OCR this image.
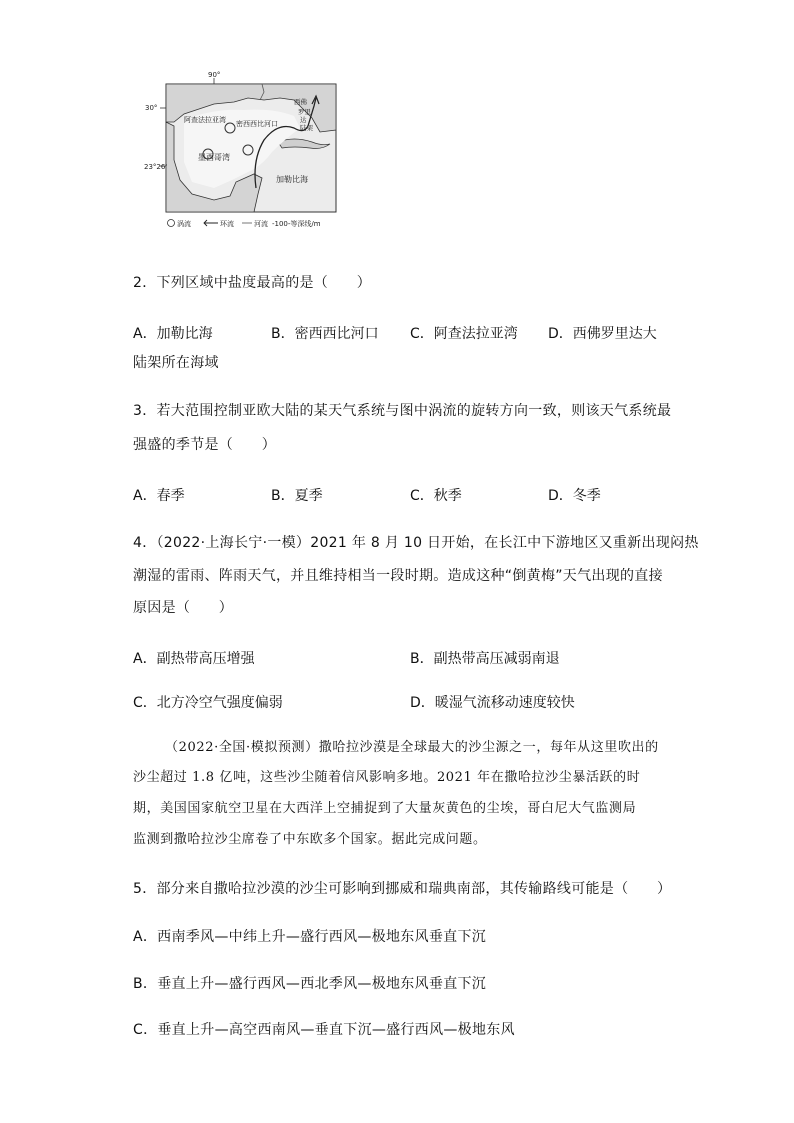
90°
30°
23°26'
阿查法拉亚湾 密西西比河口
墨西哥湾
加勒比海
西佛
罗里
达
陆架
涡流	环流	河流 -100-等深线/m
2．下列区域中盐度最高的是（　　）
A．加勒比海	B．密西西比河口 C．阿查法拉亚湾 D．西佛罗里达大
陆架所在海域
3．若大范围控制亚欧大陆的某天气系统与图中涡流的旋转方向一致，则该天气系统最
强盛的季节是（　　）
A．春季	B．夏季	C．秋季	D．冬季
4．（2022·上海长宁·一模）2021 年 8 月 10 日开始，在长江中下游地区又重新出现闷热
潮湿的雷雨、阵雨天气，并且维持相当一段时期。造成这种“倒黄梅”天气出现的直接
原因是（　　）
A．副热带高压增强	B．副热带高压减弱南退
C．北方冷空气强度偏弱	D．暖湿气流移动速度较快
（2022·全国·模拟预测）撒哈拉沙漠是全球最大的沙尘源之一，每年从这里吹出的
沙尘超过 1.8 亿吨，这些沙尘随着信风影响多地。2021 年在撒哈拉沙尘暴活跃的时
期，美国国家航空卫星在大西洋上空捕捉到了大量灰黄色的尘埃，哥白尼大气监测局
监测到撒哈拉沙尘席卷了中东欧多个国家。据此完成问题。
5．部分来自撒哈拉沙漠的沙尘可影响到挪威和瑞典南部，其传输路线可能是（　　）
A．西南季风—中纬上升—盛行西风—极地东风垂直下沉
B．垂直上升—盛行西风—西北季风—极地东风垂直下沉
C．垂直上升—高空西南风—垂直下沉—盛行西风—极地东风
